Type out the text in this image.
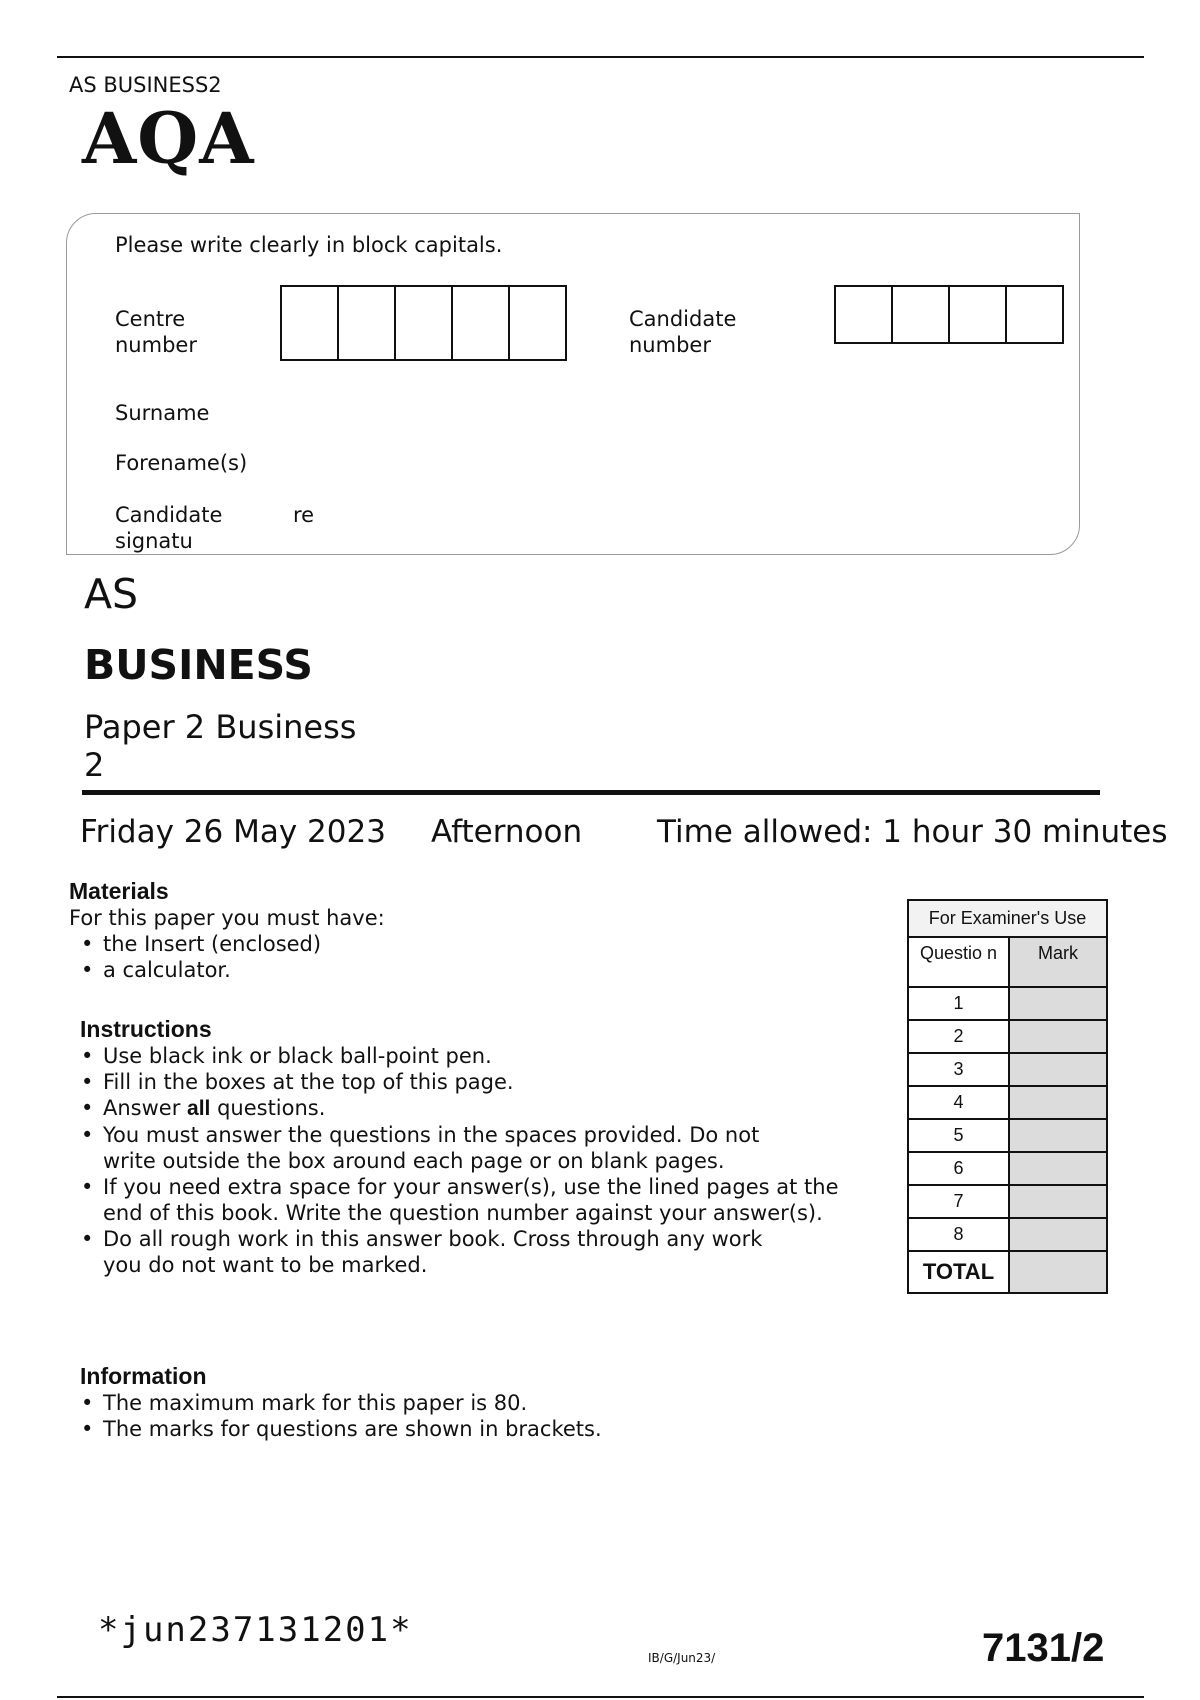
AS BUSINESS2
AQA
Please write clearly in block capitals.
Centre
number
Candidate
number
Surname
Forename(s)
Candidate
signatu
re
AS
BUSINESS
Paper 2 Business
2
Friday 26 May 2023 Afternoon Time allowed: 1 hour 30 minutes
Materials
For this paper you must have:
• the Insert (enclosed)
• a calculator.
Instructions
• Use black ink or black ball-point pen.
• Fill in the boxes at the top of this page.
• Answer all questions.
• You must answer the questions in the spaces provided. Do not write outside the box around each page or on blank pages.
• If you need extra space for your answer(s), use the lined pages at the end of this book. Write the question number against your answer(s).
• Do all rough work in this answer book. Cross through any work you do not want to be marked.
Information
• The maximum mark for this paper is 80.
• The marks for questions are shown in brackets.
For Examiner's Use	
Questio n	Mark
1	
2	
3	
4	
5	
6	
7	
8	
TOTAL	
*jun237131201*
IB/G/Jun23/	7131/2
